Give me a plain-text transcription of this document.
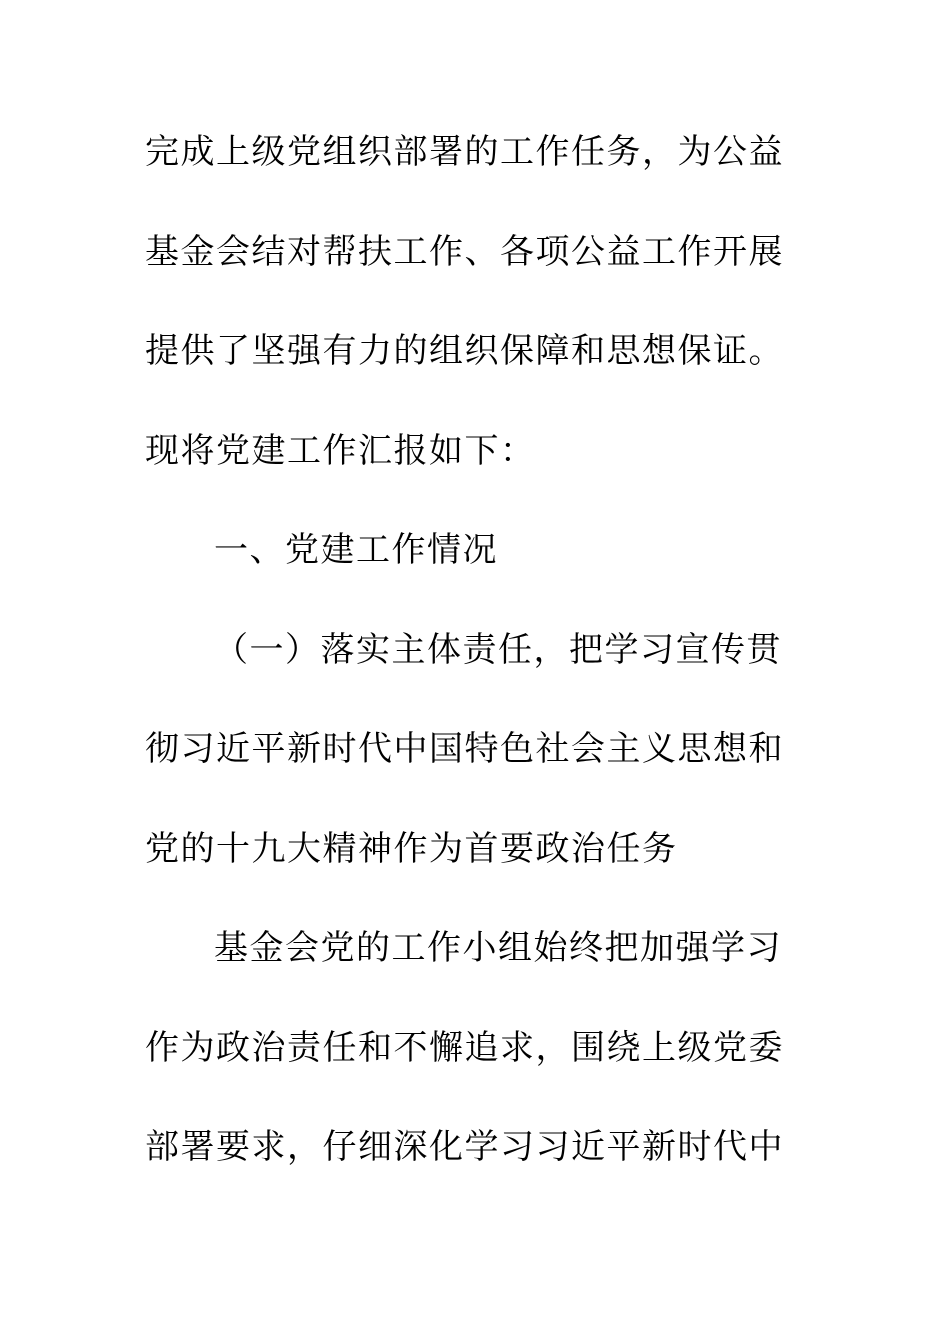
完成上级党组织部署的工作任务，为公益
基金会结对帮扶工作、各项公益工作开展
提供了坚强有力的组织保障和思想保证。
现将党建工作汇报如下：
一、党建工作情况
（一）落实主体责任，把学习宣传贯
彻习近平新时代中国特色社会主义思想和
党的十九大精神作为首要政治任务
基金会党的工作小组始终把加强学习
作为政治责任和不懈追求，围绕上级党委
部署要求，仔细深化学习习近平新时代中
